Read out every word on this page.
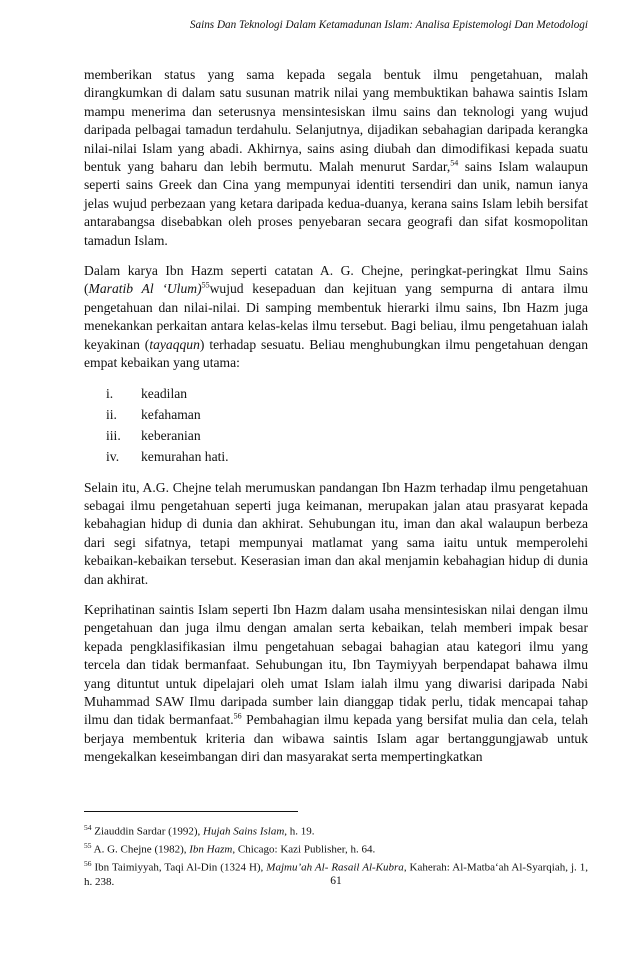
Sains Dan Teknologi Dalam Ketamadunan Islam: Analisa Epistemologi Dan Metodologi

memberikan status yang sama kepada segala bentuk ilmu pengetahuan, malah dirangkumkan di dalam satu susunan matrik nilai yang membuktikan bahawa saintis Islam mampu menerima dan seterusnya mensintesiskan ilmu sains dan teknologi yang wujud daripada pelbagai tamadun terdahulu. Selanjutnya, dijadikan sebahagian daripada kerangka nilai-nilai Islam yang abadi. Akhirnya, sains asing diubah dan dimodifikasi kepada suatu bentuk yang baharu dan lebih bermutu. Malah menurut Sardar,$^{54}$ sains Islam walaupun seperti sains Greek dan Cina yang mempunyai identiti tersendiri dan unik, namun ianya jelas wujud perbezaan yang ketara daripada kedua-duanya, kerana sains Islam lebih bersifat antarabangsa disebabkan oleh proses penyebaran secara geografi dan sifat kosmopolitan tamadun Islam.

Dalam karya Ibn Hazm seperti catatan A. G. Chejne, peringkat-peringkat Ilmu Sains (Maratib Al ‘Ulum)$^{55}$wujud kesepaduan dan kejituan yang sempurna di antara ilmu pengetahuan dan nilai-nilai. Di samping membentuk hierarki ilmu sains, Ibn Hazm juga menekankan perkaitan antara kelas-kelas ilmu tersebut. Bagi beliau, ilmu pengetahuan ialah keyakinan (tayaqqun) terhadap sesuatu. Beliau menghubungkan ilmu pengetahuan dengan empat kebaikan yang utama:

i.	keadilan
ii.	kefahaman
iii.	keberanian
iv.	kemurahan hati.

Selain itu, A.G. Chejne telah merumuskan pandangan Ibn Hazm terhadap ilmu pengetahuan sebagai ilmu pengetahuan seperti juga keimanan, merupakan jalan atau prasyarat kepada kebahagian hidup di dunia dan akhirat. Sehubungan itu, iman dan akal walaupun berbeza dari segi sifatnya, tetapi mempunyai matlamat yang sama iaitu untuk memperolehi kebaikan-kebaikan tersebut. Keserasian iman dan akal menjamin kebahagian hidup di dunia dan akhirat.

Keprihatinan saintis Islam seperti Ibn Hazm dalam usaha mensintesiskan nilai dengan ilmu pengetahuan dan juga ilmu dengan amalan serta kebaikan, telah memberi impak besar kepada pengklasifikasian ilmu pengetahuan sebagai bahagian atau kategori ilmu yang tercela dan tidak bermanfaat. Sehubungan itu, Ibn Taymiyyah berpendapat bahawa ilmu yang dituntut untuk dipelajari oleh umat Islam ialah ilmu yang diwarisi daripada Nabi Muhammad SAW Ilmu daripada sumber lain dianggap tidak perlu, tidak mencapai tahap ilmu dan tidak bermanfaat.$^{56}$ Pembahagian ilmu kepada yang bersifat mulia dan cela, telah berjaya membentuk kriteria dan wibawa saintis Islam agar bertanggungjawab untuk mengekalkan keseimbangan diri dan masyarakat serta mempertingkatkan

$^{54}$ Ziauddin Sardar (1992), Hujah Sains Islam, h. 19.

$^{55}$ A. G. Chejne (1982), Ibn Hazm, Chicago: Kazi Publisher, h. 64.

$^{56}$ Ibn Taimiyyah, Taqi Al-Din (1324 H), Majmu’ah Al- Rasail Al-Kubra, Kaherah: Al-Matba‘ah Al-Syarqiah, j. 1, h. 238.	61
